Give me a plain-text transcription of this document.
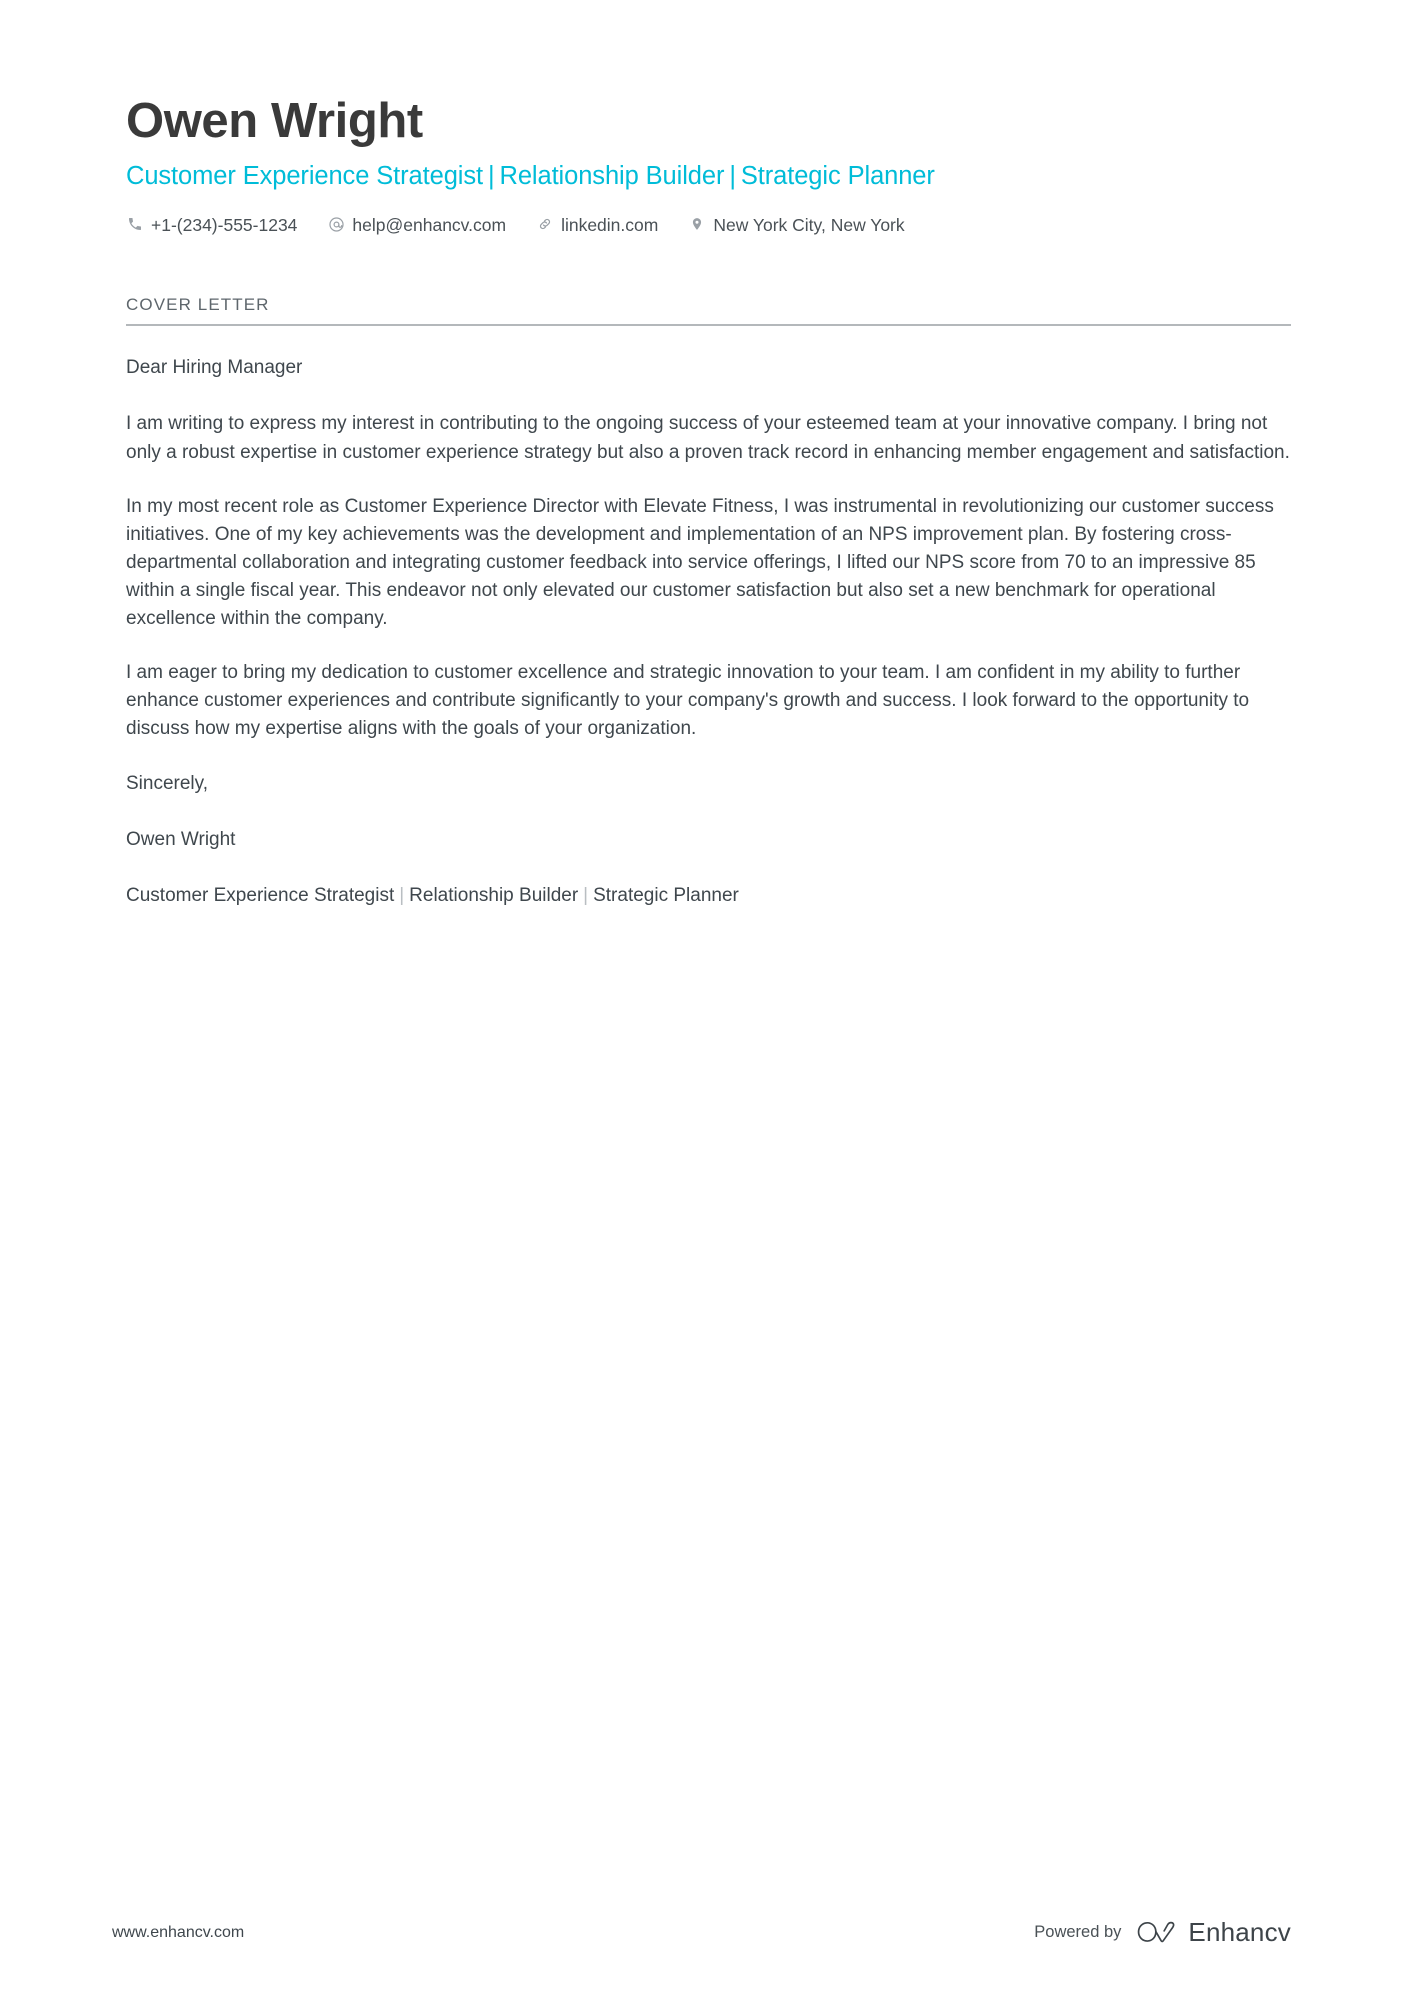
Owen Wright
Customer Experience Strategist | Relationship Builder | Strategic Planner
+1-(234)-555-1234	help@enhancv.com	linkedin.com	New York City, New York
COVER LETTER

Dear Hiring Manager

I am writing to express my interest in contributing to the ongoing success of your esteemed team at your innovative company. I bring not only a robust expertise in customer experience strategy but also a proven track record in enhancing member engagement and satisfaction.

In my most recent role as Customer Experience Director with Elevate Fitness, I was instrumental in revolutionizing our customer success initiatives. One of my key achievements was the development and implementation of an NPS improvement plan. By fostering cross-departmental collaboration and integrating customer feedback into service offerings, I lifted our NPS score from 70 to an impressive 85 within a single fiscal year. This endeavor not only elevated our customer satisfaction but also set a new benchmark for operational excellence within the company.

I am eager to bring my dedication to customer excellence and strategic innovation to your team. I am confident in my ability to further enhance customer experiences and contribute significantly to your company's growth and success. I look forward to the opportunity to discuss how my expertise aligns with the goals of your organization.

Sincerely,

Owen Wright

Customer Experience Strategist | Relationship Builder | Strategic Planner

www.enhancv.com	Powered by	Enhancv
